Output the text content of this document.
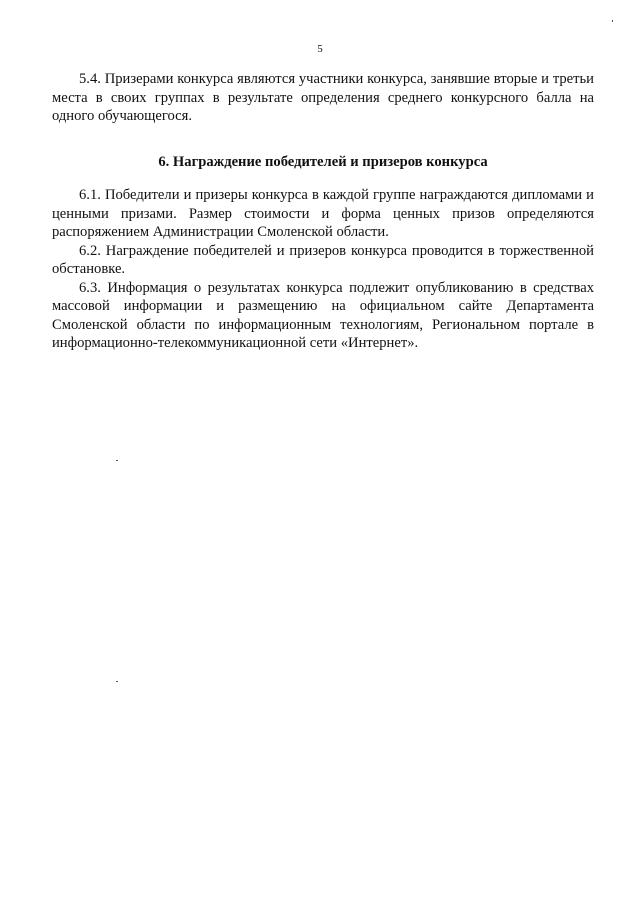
5

5.4. Призерами конкурса являются участники конкурса, занявшие вторые и третьи места в своих группах в результате определения среднего конкурсного балла на одного обучающегося.

6. Награждение победителей и призеров конкурса

6.1. Победители и призеры конкурса в каждой группе награждаются дипломами и ценными призами. Размер стоимости и форма ценных призов определяются распоряжением Администрации Смоленской области.

6.2. Награждение победителей и призеров конкурса проводится в торжественной обстановке.

6.3. Информация о результатах конкурса подлежит опубликованию в средствах массовой информации и размещению на официальном сайте Департамента Смоленской области по информационным технологиям, Региональном портале в информационно-телекоммуникационной сети «Интернет».
